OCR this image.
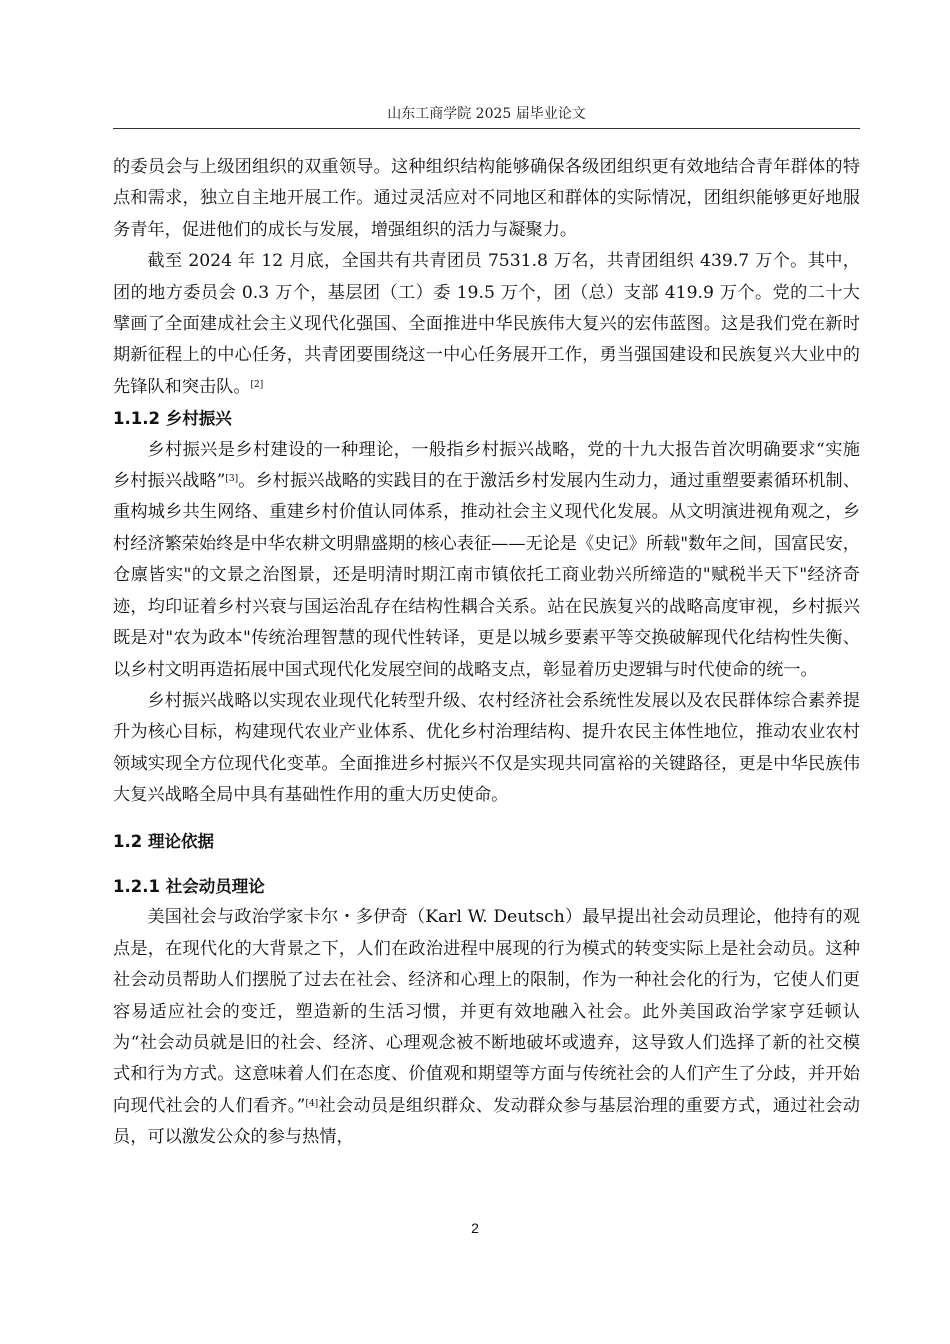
山东工商学院 2025 届毕业论文

的委员会与上级团组织的双重领导。这种组织结构能够确保各级团组织更有效地结合青年群体的特点和需求，独立自主地开展工作。通过灵活应对不同地区和群体的实际情况，团组织能够更好地服务青年，促进他们的成长与发展，增强组织的活力与凝聚力。

截至 2024 年 12 月底，全国共有共青团员 7531.8 万名，共青团组织 439.7 万个。其中，团的地方委员会 0.3 万个，基层团（工）委 19.5 万个，团（总）支部 419.9 万个。党的二十大擘画了全面建成社会主义现代化强国、全面推进中华民族伟大复兴的宏伟蓝图。这是我们党在新时期新征程上的中心任务，共青团要围绕这一中心任务展开工作，勇当强国建设和民族复兴大业中的先锋队和突击队。[2]

1.1.2 乡村振兴

乡村振兴是乡村建设的一种理论，一般指乡村振兴战略，党的十九大报告首次明确要求“实施乡村振兴战略”[3]。乡村振兴战略的实践目的在于激活乡村发展内生动力，通过重塑要素循环机制、重构城乡共生网络、重建乡村价值认同体系，推动社会主义现代化发展。从文明演进视角观之，乡村经济繁荣始终是中华农耕文明鼎盛期的核心表征——无论是《史记》所载"数年之间，国富民安，仓廪皆实"的文景之治图景，还是明清时期江南市镇依托工商业勃兴所缔造的"赋税半天下"经济奇迹，均印证着乡村兴衰与国运治乱存在结构性耦合关系。站在民族复兴的战略高度审视，乡村振兴既是对"农为政本"传统治理智慧的现代性转译，更是以城乡要素平等交换破解现代化结构性失衡、以乡村文明再造拓展中国式现代化发展空间的战略支点，彰显着历史逻辑与时代使命的统一。

乡村振兴战略以实现农业现代化转型升级、农村经济社会系统性发展以及农民群体综合素养提升为核心目标，构建现代农业产业体系、优化乡村治理结构、提升农民主体性地位，推动农业农村领域实现全方位现代化变革。全面推进乡村振兴不仅是实现共同富裕的关键路径，更是中华民族伟大复兴战略全局中具有基础性作用的重大历史使命。

1.2 理论依据
1.2.1 社会动员理论

美国社会与政治学家卡尔・多伊奇（Karl W. Deutsch）最早提出社会动员理论，他持有的观点是，在现代化的大背景之下，人们在政治进程中展现的行为模式的转变实际上是社会动员。这种社会动员帮助人们摆脱了过去在社会、经济和心理上的限制，作为一种社会化的行为，它使人们更容易适应社会的变迁，塑造新的生活习惯，并更有效地融入社会。此外美国政治学家亨廷顿认为“社会动员就是旧的社会、经济、心理观念被不断地破坏或遗弃，这导致人们选择了新的社交模式和行为方式。这意味着人们在态度、价值观和期望等方面与传统社会的人们产生了分歧，并开始向现代社会的人们看齐。”[4]社会动员是组织群众、发动群众参与基层治理的重要方式，通过社会动员，可以激发公众的参与热情，

2
